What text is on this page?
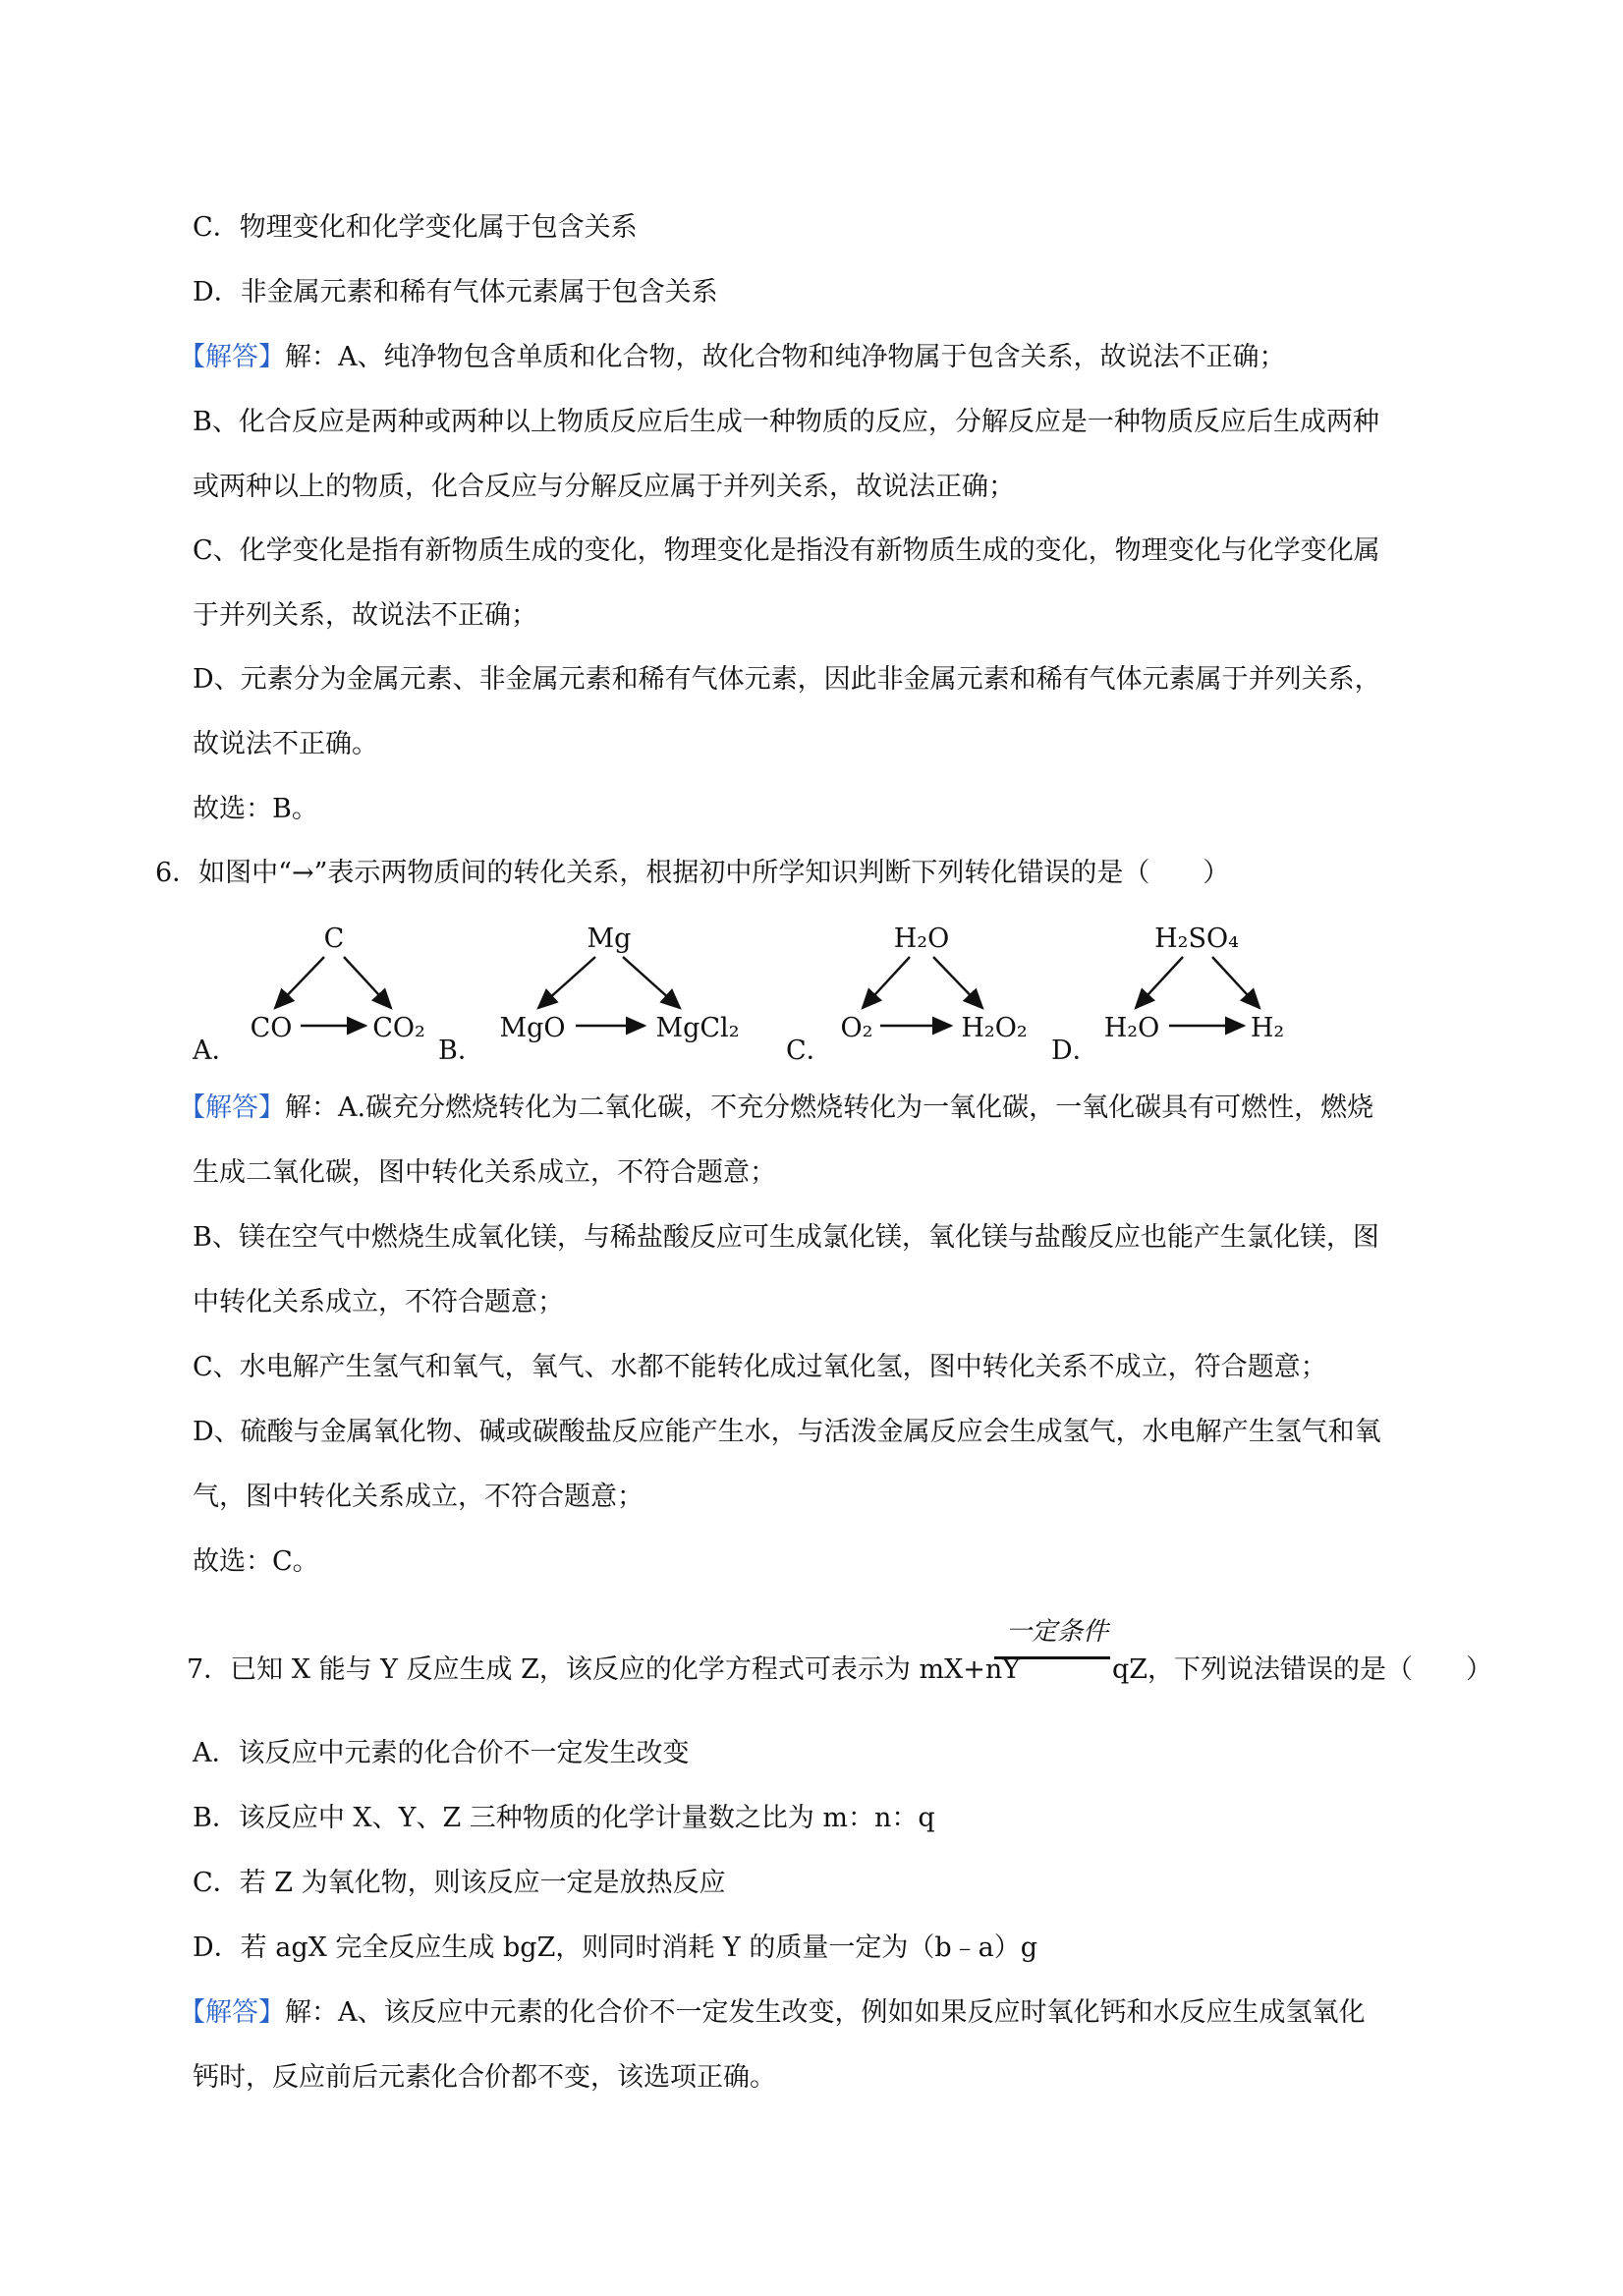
C．物理变化和化学变化属于包含关系

D．非金属元素和稀有气体元素属于包含关系

【解答】解：A、纯净物包含单质和化合物，故化合物和纯净物属于包含关系，故说法不正确；

B、化合反应是两种或两种以上物质反应后生成一种物质的反应，分解反应是一种物质反应后生成两种

或两种以上的物质，化合反应与分解反应属于并列关系，故说法正确；

C、化学变化是指有新物质生成的变化，物理变化是指没有新物质生成的变化，物理变化与化学变化属

于并列关系，故说法不正确；

D、元素分为金属元素、非金属元素和稀有气体元素，因此非金属元素和稀有气体元素属于并列关系，

故说法不正确。

故选：B。

6．如图中“→”表示两物质间的转化关系，根据初中所学知识判断下列转化错误的是（　　）

A．
C
CO	CO₂
B．
Mg
MgO	MgCl₂
C．
H₂O
O₂	H₂O₂
D．
H₂SO₄
H₂O	H₂

【解答】解：A.碳充分燃烧转化为二氧化碳，不充分燃烧转化为一氧化碳，一氧化碳具有可燃性，燃烧

生成二氧化碳，图中转化关系成立，不符合题意；

B、镁在空气中燃烧生成氧化镁，与稀盐酸反应可生成氯化镁，氧化镁与盐酸反应也能产生氯化镁，图

中转化关系成立，不符合题意；

C、水电解产生氢气和氧气，氧气、水都不能转化成过氧化氢，图中转化关系不成立，符合题意；

D、硫酸与金属氧化物、碱或碳酸盐反应能产生水，与活泼金属反应会生成氢气，水电解产生氢气和氧

气，图中转化关系成立，不符合题意；

故选：C。

7．已知 X 能与 Y 反应生成 Z，该反应的化学方程式可表示为 mX+nY

一定条件

qZ，下列说法错误的是（　　）

A．该反应中元素的化合价不一定发生改变

B．该反应中 X、Y、Z 三种物质的化学计量数之比为 m：n：q

C．若 Z 为氧化物，则该反应一定是放热反应

D．若 agX 完全反应生成 bgZ，则同时消耗 Y 的质量一定为（b﹣a）g

【解答】解：A、该反应中元素的化合价不一定发生改变，例如如果反应时氧化钙和水反应生成氢氧化

钙时，反应前后元素化合价都不变，该选项正确。
